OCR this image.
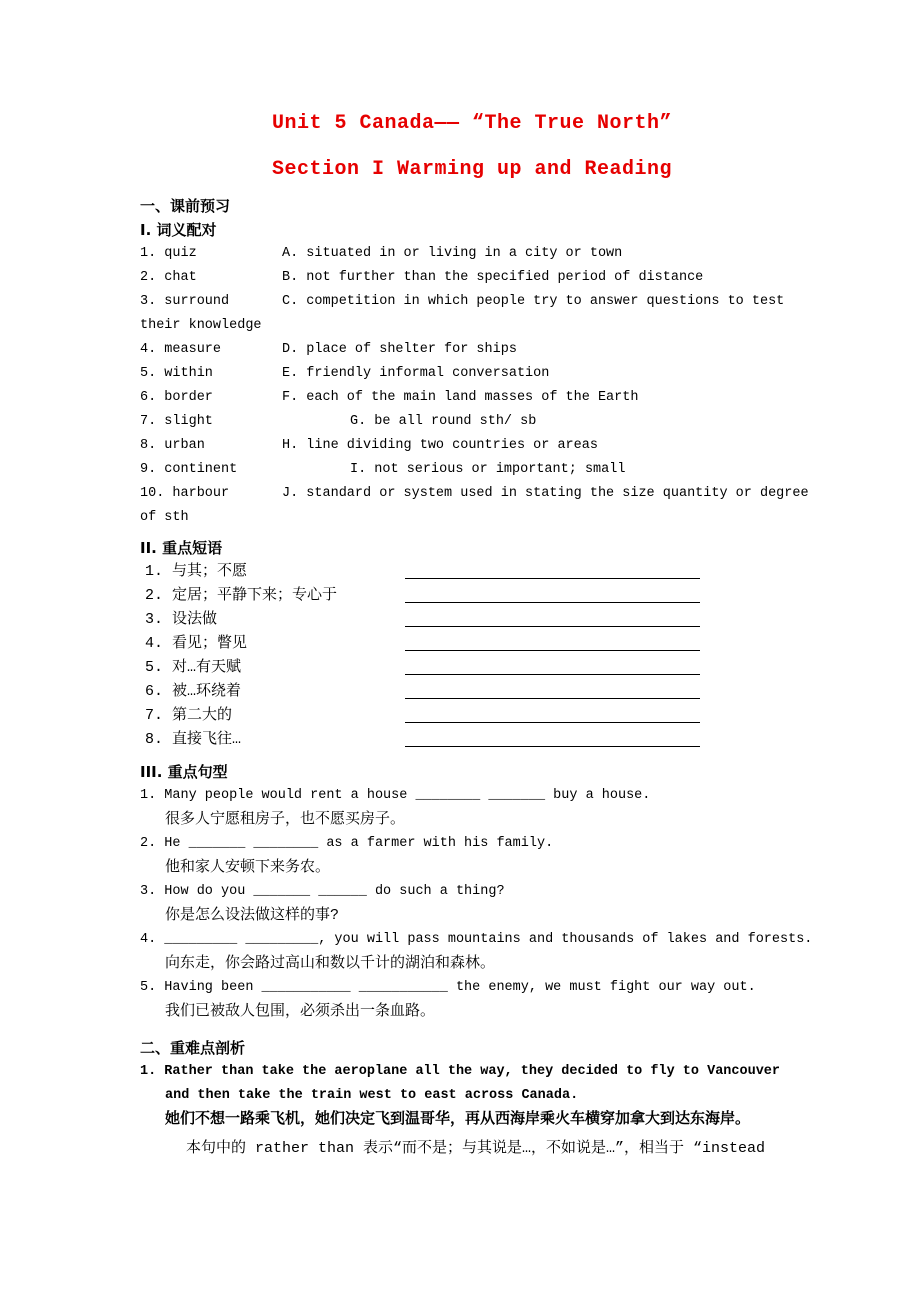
Unit 5 Canada—— “The True North”
Section I Warming up and Reading
一、课前预习
I. 词义配对
1. quiz	A. situated in or living in a city or town
2. chat	B. not further than the specified period of distance
3. surround	C. competition in which people try to answer questions to test
their knowledge
4. measure	D. place of shelter for ships
5. within	E. friendly informal conversation
6. border	F. each of the main land masses of the Earth
7. slight	G. be all round sth/ sb
8. urban	H. line dividing two countries or areas
9. continent	I. not serious or important; small
10. harbour	J. standard or system used in stating the size quantity or degree
of sth
II. 重点短语
1. 与其；不愿
2. 定居；平静下来；专心于
3. 设法做
4. 看见；瞥见
5. 对…有天赋
6. 被…环绕着
7. 第二大的
8. 直接飞往…
III. 重点句型
1. Many people would rent a house ________ _______ buy a house.
很多人宁愿租房子，也不愿买房子。
2. He _______ ________ as a farmer with his family.
他和家人安顿下来务农。
3. How do you _______ ______ do such a thing?
你是怎么设法做这样的事?
4. _________ _________, you will pass mountains and thousands of lakes and forests.
向东走，你会路过高山和数以千计的湖泊和森林。
5. Having been ___________ ___________ the enemy, we must fight our way out.
我们已被敌人包围，必须杀出一条血路。
二、重难点剖析
1. Rather than take the aeroplane all the way, they decided to fly to Vancouver and then take the train west to east across Canada.
她们不想一路乘飞机，她们决定飞到温哥华，再从西海岸乘火车横穿加拿大到达东海岸。
本句中的 rather than 表示“而不是；与其说是…，不如说是…”，相当于 “instead
